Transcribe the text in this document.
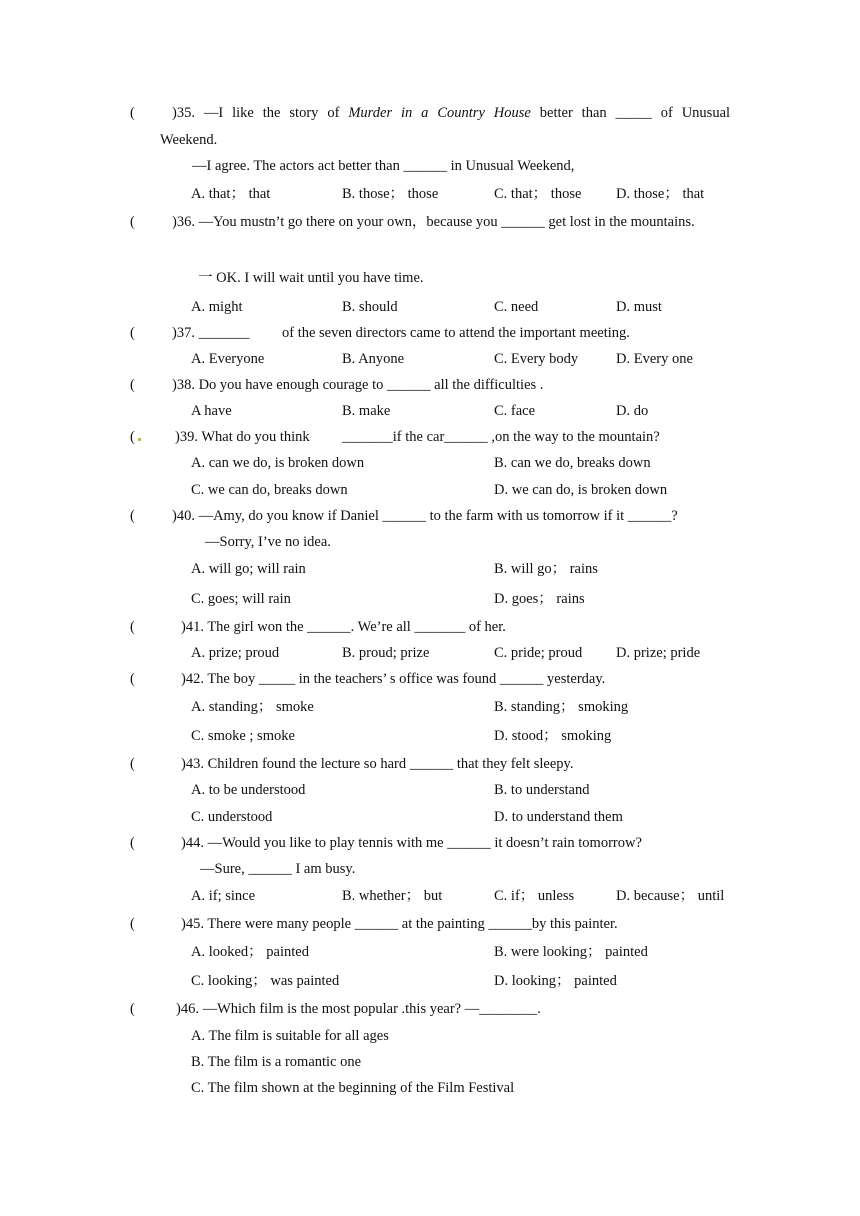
(	)35. —I like the story of Murder in a Country House better than _____ of Unusual
Weekend.
—I agree. The actors act better than ______ in Unusual Weekend,
A. that； that	B. those； those	C. that； those D. those； that
(	)36. —You mustn’t go there on your own，because you ______ get lost in the mountains.
一 OK. I will wait until you have time.
A. might	B. should	C. need	D. must
(	)37. _______ of the seven directors came to attend the important meeting.
A. Everyone	B. Anyone	C. Every body	D. Every one
(	)38. Do you have enough courage to ______ all the difficulties .
A have	B. make	C. face	D. do
(	)39. What do you think _______if the car______ ,on the way to the mountain?
A. can we do, is broken down	B. can we do, breaks down
C. we can do, breaks down	D. we can do, is broken down
(	)40. —Amy, do you know if Daniel ______ to the farm with us tomorrow if it ______?
—Sorry, I’ve no idea.
A. will go; will rain	B. will go； rains
C. goes; will rain	D. goes； rains
(	)41. The girl won the ______. We’re all _______ of her.
A. prize; proud	B. proud; prize	C. pride; proud D. prize; pride
(	)42. The boy _____ in the teachers’ s office was found ______ yesterday.
A. standing； smoke	B. standing； smoking
C. smoke ; smoke	D. stood； smoking
(	)43. Children found the lecture so hard ______ that they felt sleepy.
A. to be understood	B. to understand
C. understood	D. to understand them
(	)44. —Would you like to play tennis with me ______ it doesn’t rain tomorrow?
—Sure, ______ I am busy.
A. if; since	B. whether； but	C. if； unless	D. because； until
(	)45. There were many people ______ at the painting ______by this painter.
A. looked； painted	B. were looking； painted
C. looking； was painted	D. looking； painted
(	)46. —Which film is the most popular .this year? —________.
A. The film is suitable for all ages
B. The film is a romantic one
C. The film shown at the beginning of the Film Festival
